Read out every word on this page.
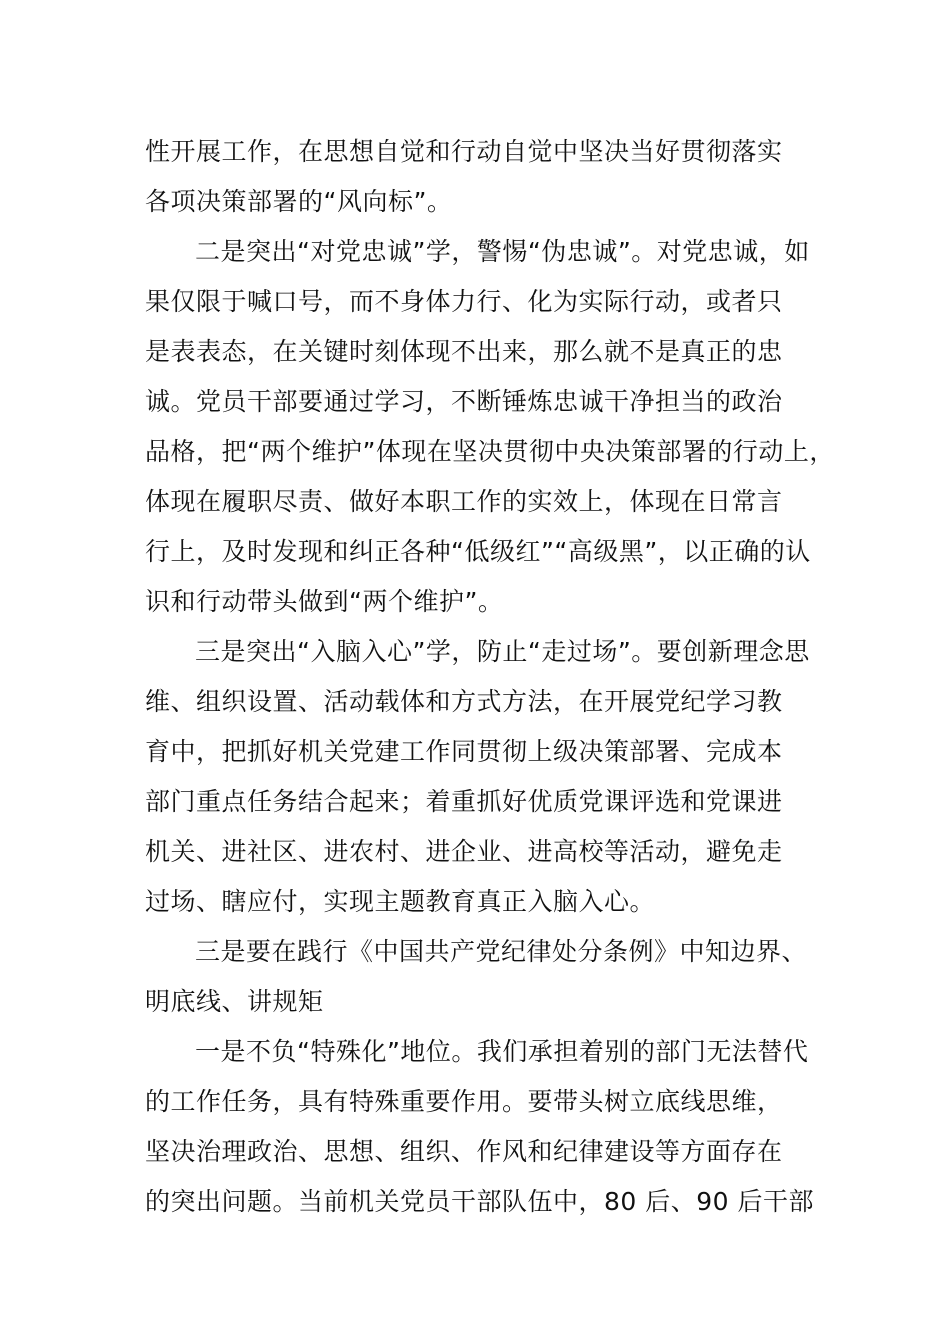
性开展工作，在思想自觉和行动自觉中坚决当好贯彻落实
各项决策部署的“风向标”。
二是突出“对党忠诚”学，警惕“伪忠诚”。对党忠诚，如
果仅限于喊口号，而不身体力行、化为实际行动，或者只
是表表态，在关键时刻体现不出来，那么就不是真正的忠
诚。党员干部要通过学习，不断锤炼忠诚干净担当的政治
品格，把“两个维护”体现在坚决贯彻中央决策部署的行动上，
体现在履职尽责、做好本职工作的实效上，体现在日常言
行上，及时发现和纠正各种“低级红”“高级黑”，以正确的认
识和行动带头做到“两个维护”。
三是突出“入脑入心”学，防止“走过场”。要创新理念思
维、组织设置、活动载体和方式方法，在开展党纪学习教
育中，把抓好机关党建工作同贯彻上级决策部署、完成本
部门重点任务结合起来；着重抓好优质党课评选和党课进
机关、进社区、进农村、进企业、进高校等活动，避免走
过场、瞎应付，实现主题教育真正入脑入心。
三是要在践行《中国共产党纪律处分条例》中知边界、
明底线、讲规矩
一是不负“特殊化”地位。我们承担着别的部门无法替代
的工作任务，具有特殊重要作用。要带头树立底线思维，
坚决治理政治、思想、组织、作风和纪律建设等方面存在
的突出问题。当前机关党员干部队伍中，80 后、90 后干部
